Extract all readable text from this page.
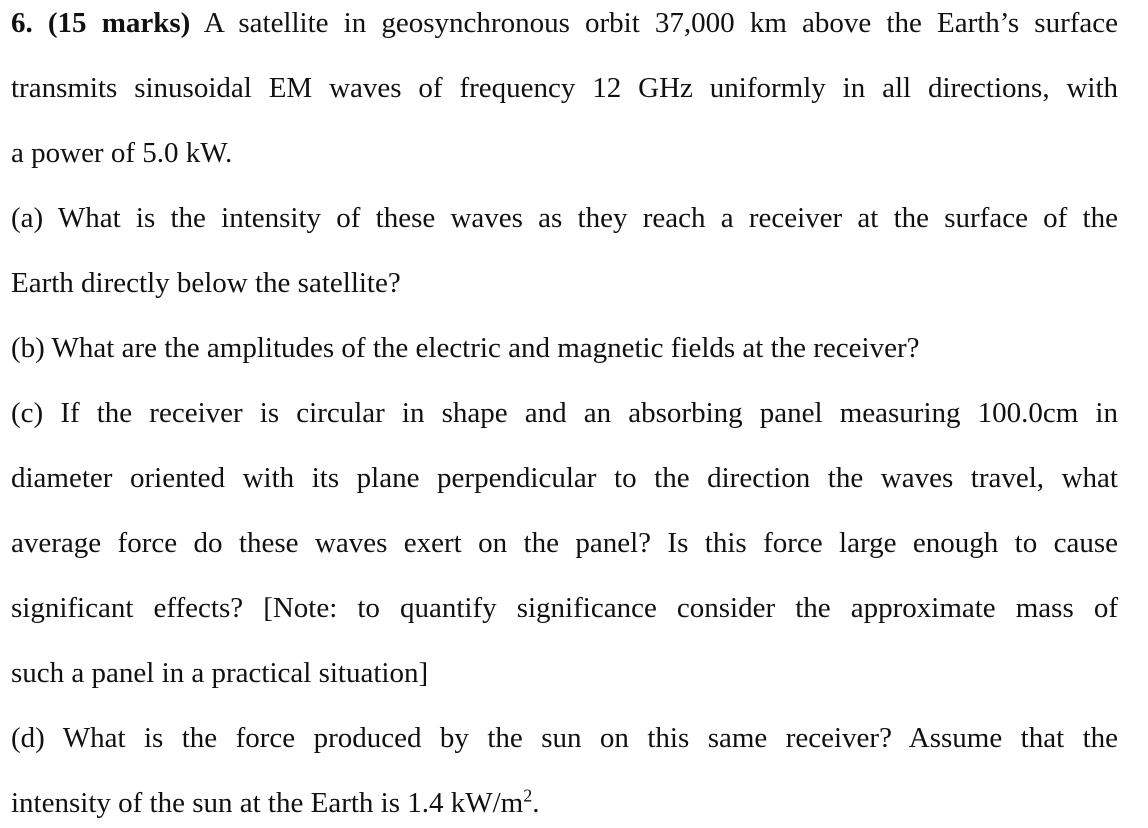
6. (15 marks) A satellite in geosynchronous orbit 37,000 km above the Earth’s surface
transmits sinusoidal EM waves of frequency 12 GHz uniformly in all directions, with
a power of 5.0 kW.
(a) What is the intensity of these waves as they reach a receiver at the surface of the
Earth directly below the satellite?
(b) What are the amplitudes of the electric and magnetic fields at the receiver?
(c) If the receiver is circular in shape and an absorbing panel measuring 100.0cm in
diameter oriented with its plane perpendicular to the direction the waves travel, what
average force do these waves exert on the panel? Is this force large enough to cause
significant effects? [Note: to quantify significance consider the approximate mass of
such a panel in a practical situation]
(d) What is the force produced by the sun on this same receiver? Assume that the
intensity of the sun at the Earth is 1.4 $kW/m^2$.
